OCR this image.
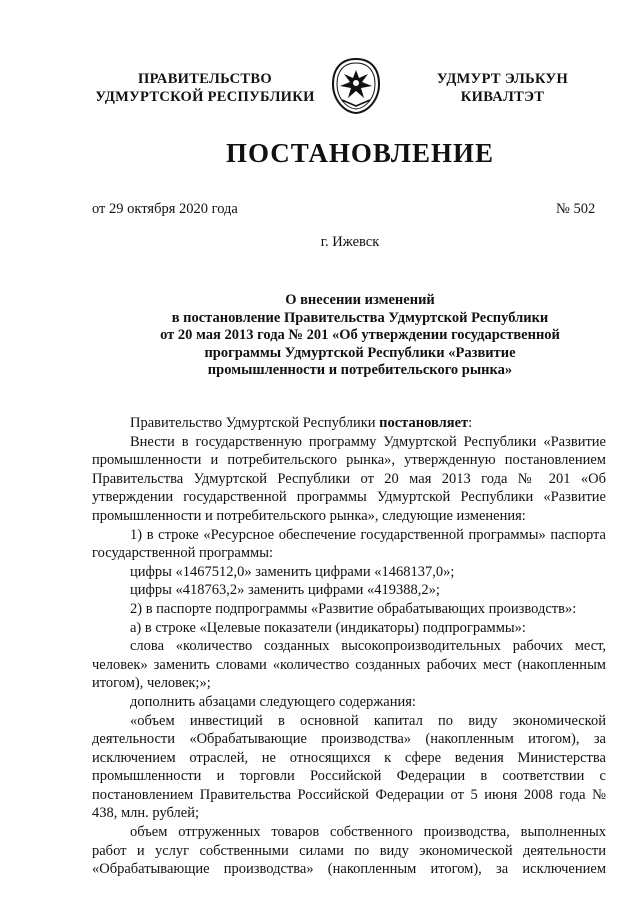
ПРАВИТЕЛЬСТВО
УДМУРТСКОЙ РЕСПУБЛИКИ
УДМУРТ ЭЛЬКУН
КИВАЛТЭТ
ПОСТАНОВЛЕНИЕ
от 29 октября 2020 года	№ 502
г. Ижевск
О внесении изменений
в постановление Правительства Удмуртской Республики
от 20 мая 2013 года № 201 «Об утверждении государственной
программы Удмуртской Республики «Развитие
промышленности и потребительского рынка»

Правительство Удмуртской Республики постановляет:

Внести в государственную программу Удмуртской Республики «Развитие промышленности и потребительского рынка», утвержденную постановлением Правительства Удмуртской Республики от 20 мая 2013 года № 201 «Об утверждении государственной программы Удмуртской Республики «Развитие промышленности и потребительского рынка», следующие изменения:

1) в строке «Ресурсное обеспечение государственной программы» паспорта государственной программы:

цифры «1467512,0» заменить цифрами «1468137,0»;

цифры «418763,2» заменить цифрами «419388,2»;

2) в паспорте подпрограммы «Развитие обрабатывающих производств»:

а) в строке «Целевые показатели (индикаторы) подпрограммы»:

слова «количество созданных высокопроизводительных рабочих мест, человек» заменить словами «количество созданных рабочих мест (накопленным итогом), человек;»;

дополнить абзацами следующего содержания:

«объем инвестиций в основной капитал по виду экономической деятельности «Обрабатывающие производства» (накопленным итогом), за исключением отраслей, не относящихся к сфере ведения Министерства промышленности и торговли Российской Федерации в соответствии с постановлением Правительства Российской Федерации от 5 июня 2008 года № 438, млн. рублей;

объем отгруженных товаров собственного производства, выполненных работ и услуг собственными силами по виду экономической деятельности «Обрабатывающие производства» (накопленным итогом), за исключением
